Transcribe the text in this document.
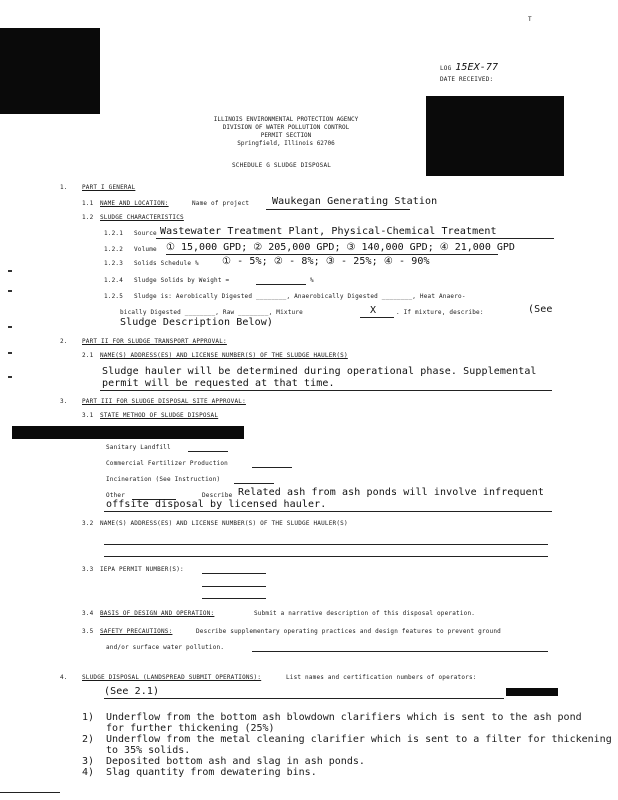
T
LOG 15EX-77
DATE RECEIVED:
ILLINOIS ENVIRONMENTAL PROTECTION AGENCY
DIVISION OF WATER POLLUTION CONTROL
PERMIT SECTION
Springfield, Illinois 62706
SCHEDULE G SLUDGE DISPOSAL
1. PART I GENERAL
1.1 NAME AND LOCATION:	Name of project Waukegan Generating Station
1.2 SLUDGE CHARACTERISTICS
1.2.1 Source Wastewater Treatment Plant, Physical-Chemical Treatment
1.2.2 Volume ① 15,000 GPD; ② 205,000 GPD; ③ 140,000 GPD; ④ 21,000 GPD
1.2.3 Solids Schedule % ① - 5%; ② - 8%; ③ - 25%; ④ - 90%
1.2.4 Sludge Solids by Weight =	%
1.2.5 Sludge is: Aerobically Digested ________, Anaerobically Digested ________, Heat Anaero-
bically Digested ________, Raw ________, Mixture	X	. If mixture, describe:	(See
Sludge Description Below)
2. PART II FOR SLUDGE TRANSPORT APPROVAL:
2.1 NAME(S) ADDRESS(ES) AND LICENSE NUMBER(S) OF THE SLUDGE HAULER(S)
Sludge hauler will be determined during operational phase. Supplemental
permit will be requested at that time.
3. PART III FOR SLUDGE DISPOSAL SITE APPROVAL:
3.1 STATE METHOD OF SLUDGE DISPOSAL
Sanitary Landfill
Commercial Fertilizer Production
Incineration (See Instruction)
Other	Describe Related ash from ash ponds will involve infrequent
offsite disposal by licensed hauler.
3.2 NAME(S) ADDRESS(ES) AND LICENSE NUMBER(S) OF THE SLUDGE HAULER(S)
3.3 IEPA PERMIT NUMBER(S):
3.4 BASIS OF DESIGN AND OPERATION:	Submit a narrative description of this disposal operation.
3.5 SAFETY PRECAUTIONS:	Describe supplementary operating practices and design features to prevent ground
and/or surface water pollution.
4. SLUDGE DISPOSAL (LANDSPREAD SUBMIT OPERATIONS):	List names and certification numbers of operators:
(See 2.1)
1) Underflow from the bottom ash blowdown clarifiers which is sent to the ash pond
for further thickening (25%)
2) Underflow from the metal cleaning clarifier which is sent to a filter for thickening
to 35% solids.
3) Deposited bottom ash and slag in ash ponds.
4) Slag quantity from dewatering bins.
